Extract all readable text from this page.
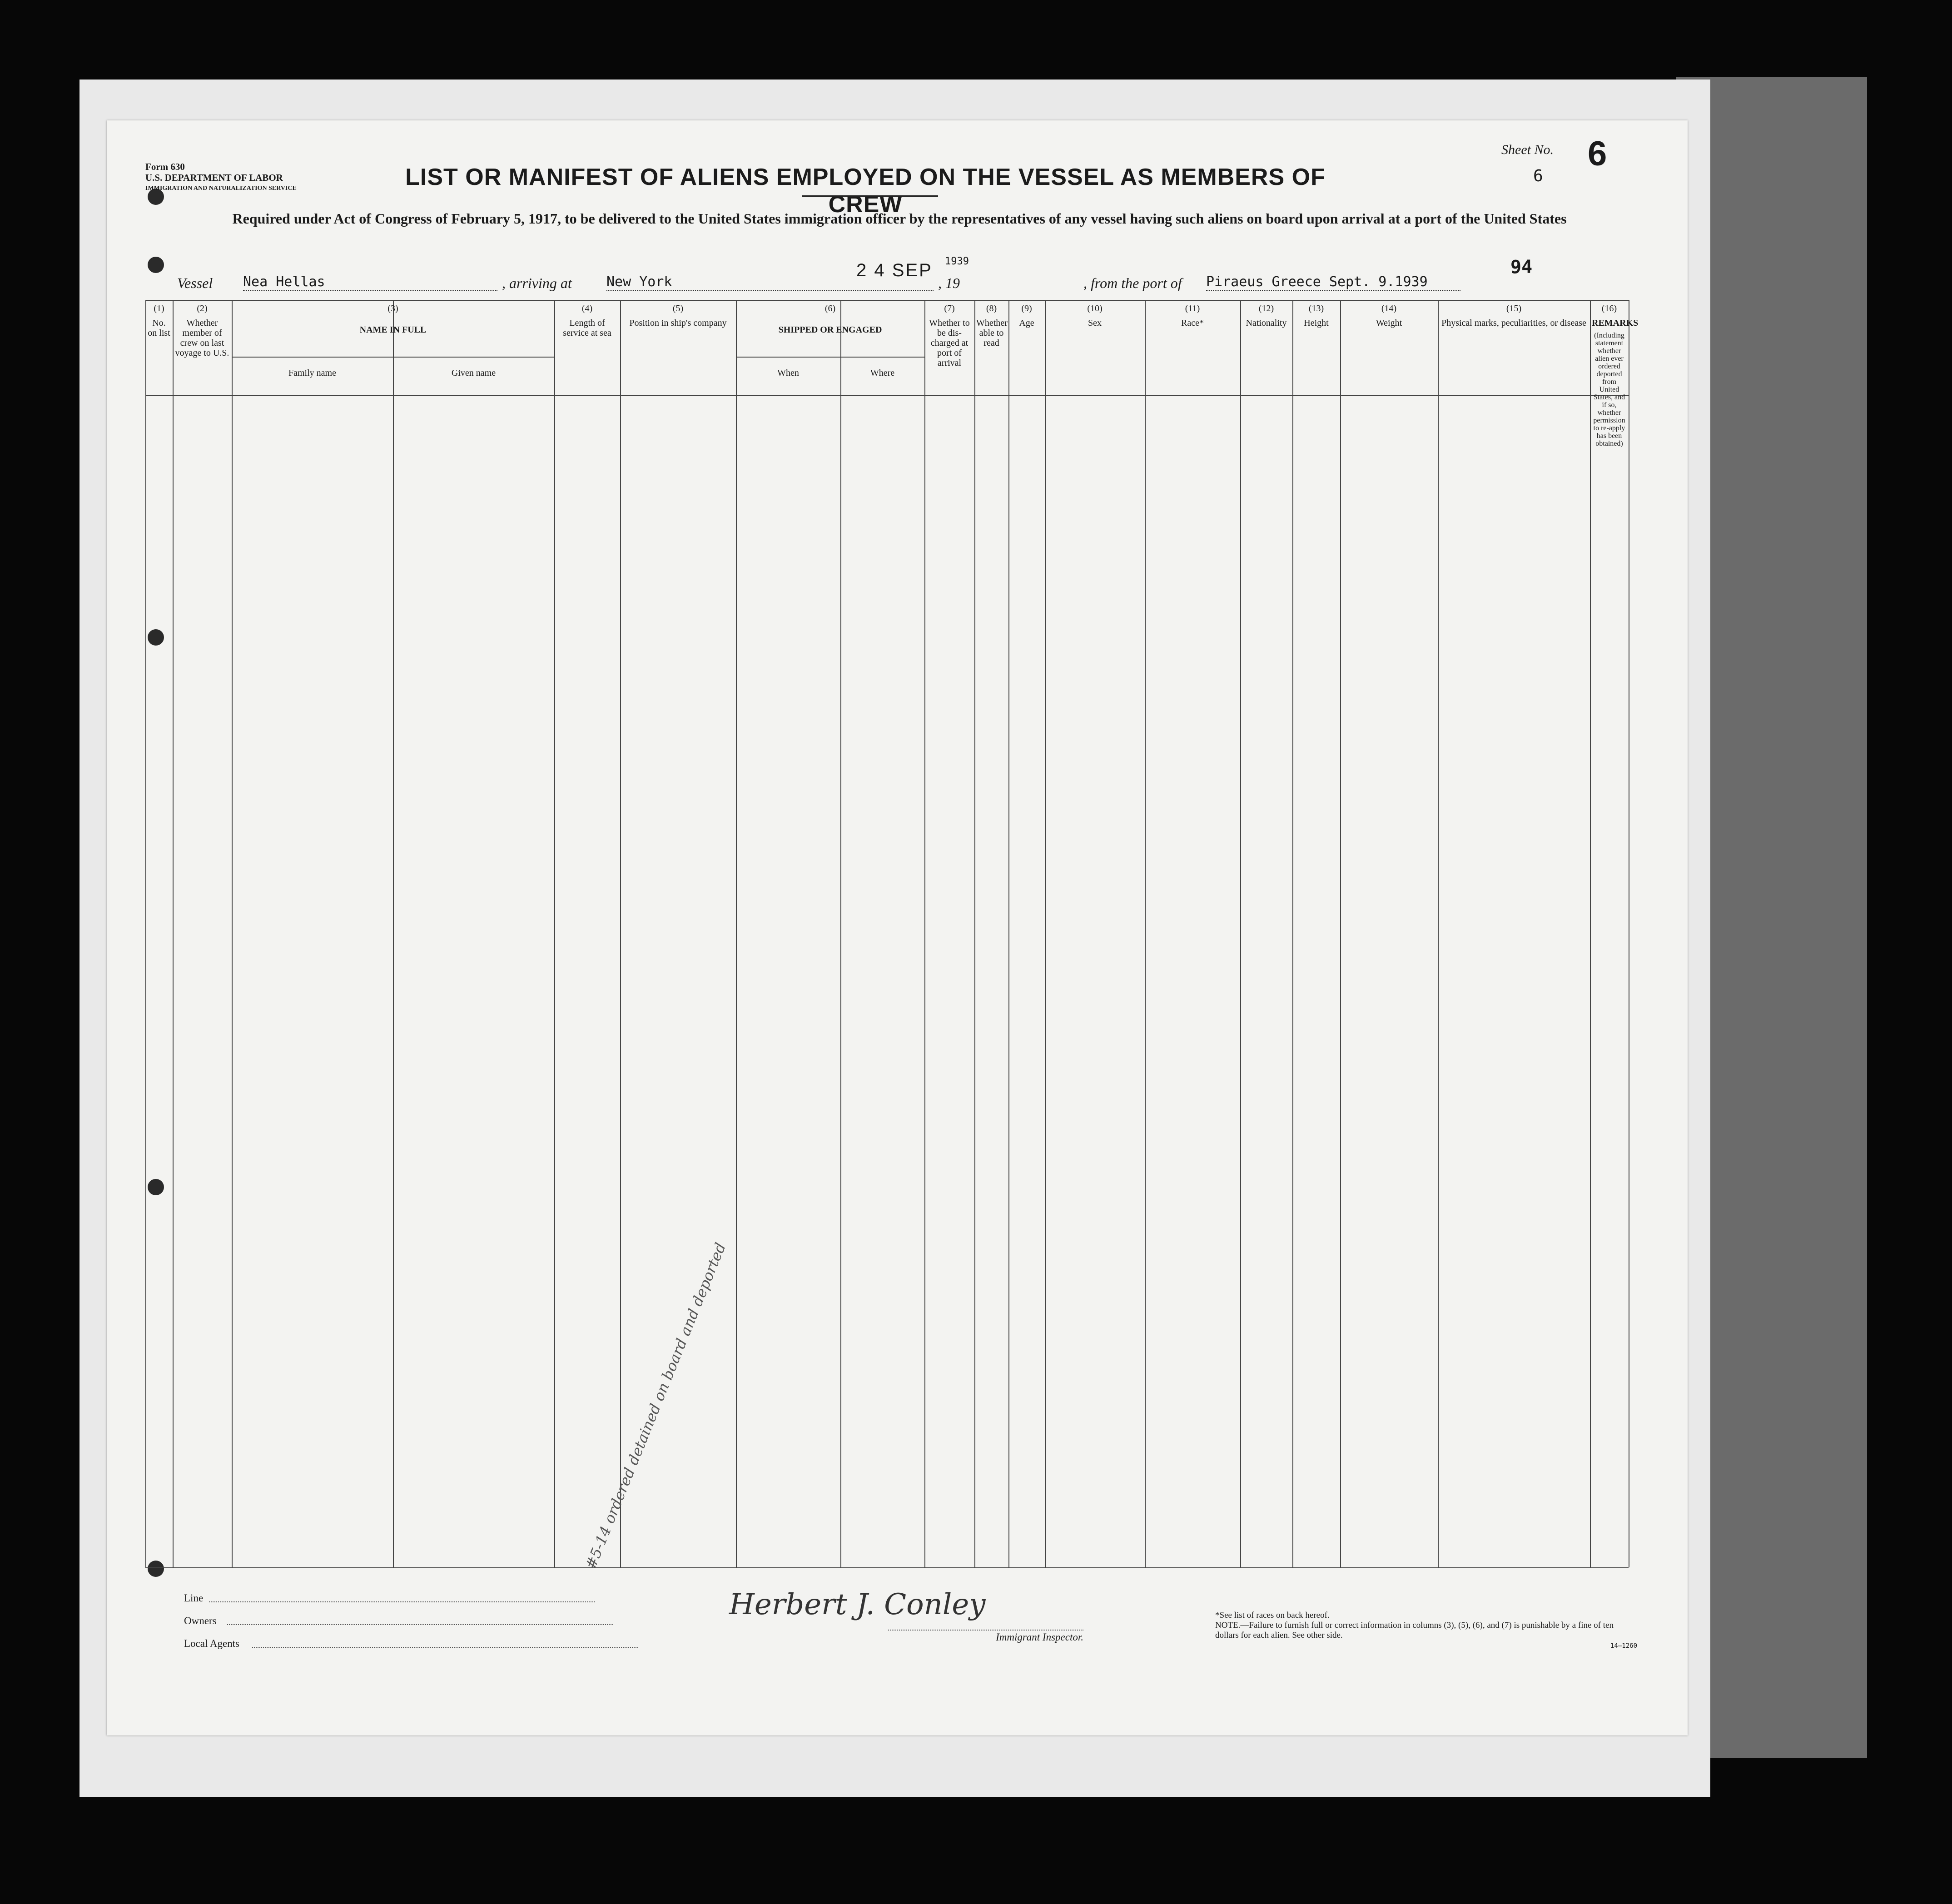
Form 630
U.S. DEPARTMENT OF LABOR
IMMIGRATION AND NATURALIZATION SERVICE
Sheet No. 6
6
LIST OR MANIFEST OF ALIENS EMPLOYED ON THE VESSEL AS MEMBERS OF CREW
Required under Act of Congress of February 5, 1917, to be delivered to the United States immigration officer by the representatives of any vessel having such aliens on board upon arrival at a port of the United States
Vessel Nea Hellas	, arriving at	New York
2 4 SEP 1939
, 19	, from the port of Piraeus Greece Sept. 9.1939
94
(1)
No. on list
(2)
Whether member of crew on last voyage to U.S.
(3)
NAME IN FULL
Family name	Given name
(4)
Length of service at sea
(5)
Position in ship's company
(6)
SHIPPED OR ENGAGED
When	Where
(7)
Whether to be dis-charged at port of arrival
(8)
Whether able to read
(9)
Age
(10)
Sex
(11)
Race*
(12)
Nationality
(13)
Height
(14)
Weight
(15)
Physical marks, peculiarities, or disease
(16)
REMARKS
(Including statement whether alien ever ordered deported from United States, and if so, whether permission to re-apply has been obtained)
Line
Owners
Local Agents
#5-14 ordered detained on board and deported
Herbert J. Conley
Immigrant Inspector.
*See list of races on back hereof.
NOTE.—Failure to furnish full or correct information in columns (3), (5), (6), and (7) is punishable by a fine of ten dollars for each alien. See other side.
14—1260
